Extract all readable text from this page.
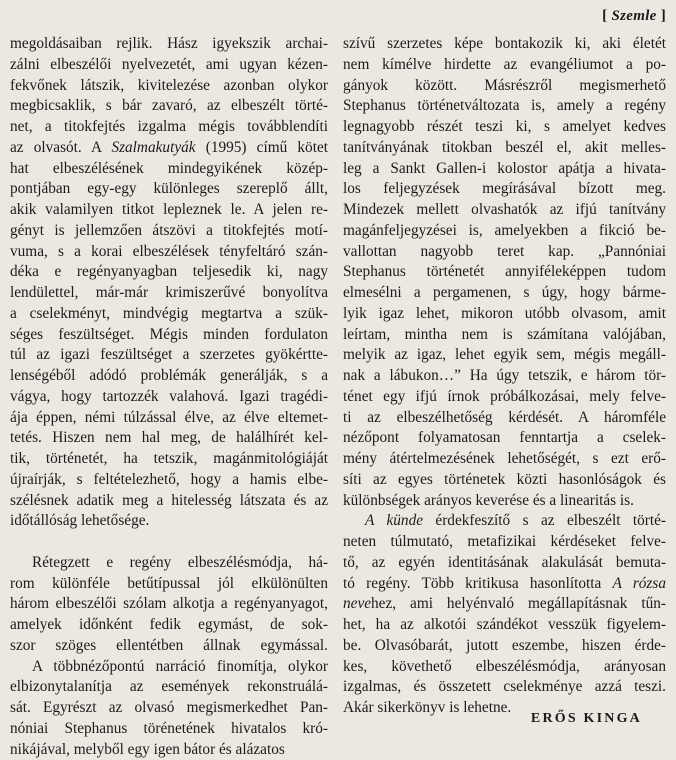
[ Szemle ]
megoldásaiban rejlik. Hász igyekszik archai-
zálni elbeszélői nyelvezetét, ami ugyan kézen-
fekvőnek látszik, kivitelezése azonban olykor
megbicsaklik, s bár zavaró, az elbeszélt törté-
net, a titokfejtés izgalma mégis továbblendíti
az olvasót. A Szalmakutyák (1995) című kötet
hat elbeszélésének mindegyikének közép-
pontjában egy-egy különleges szereplő állt,
akik valamilyen titkot lepleznek le. A jelen re-
gényt is jellemzően átszövi a titokfejtés motí-
vuma, s a korai elbeszélések tényfeltáró szán-
déka e regényanyagban teljesedik ki, nagy
lendülettel, már-már krimiszerűvé bonyolítva
a cselekményt, mindvégig megtartva a szük-
séges feszültséget. Mégis minden fordulaton
túl az igazi feszültséget a szerzetes gyökértte-
lenségéből adódó problémák generálják, s a
vágya, hogy tartozzék valahová. Igazi tragédi-
ája éppen, némi túlzással élve, az élve eltemet-
tetés. Hiszen nem hal meg, de halálhírét kel-
tik, történetét, ha tetszik, magánmitológiáját
újraírják, s feltételezhető, hogy a hamis elbe-
szélésnek adatik meg a hitelesség látszata és az
időtállóság lehetősége.
Rétegzett e regény elbeszélésmódja, há-
rom különféle betűtípussal jól elkülönülten
három elbeszélői szólam alkotja a regényanyagot,
amelyek időnként fedik egymást, de sok-
szor szöges ellentétben állnak egymással.
A többnézőpontú narráció finomítja, olykor
elbizonytalanítja az események rekonstruálá-
sát. Egyrészt az olvasó megismerkedhet Pan-
nóniai Stephanus törénetének hivatalos kró-
nikájával, melyből egy igen bátor és alázatos
szívű szerzetes képe bontakozik ki, aki életét
nem kímélve hirdette az evangéliumot a po-
gányok között. Másrészről megismerhető
Stephanus történetváltozata is, amely a regény
legnagyobb részét teszi ki, s amelyet kedves
tanítványának titokban beszél el, akit melles-
leg a Sankt Gallen-i kolostor apátja a hivata-
los feljegyzések megírásával bízott meg.
Mindezek mellett olvashatók az ifjú tanítvány
magánfeljegyzései is, amelyekben a fikció be-
vallottan nagyobb teret kap. „Pannóniai
Stephanus történetét annyiféleképpen tudom
elmesélni a pergamenen, s úgy, hogy bárme-
lyik igaz lehet, mikoron utóbb olvasom, amit
leírtam, mintha nem is számítana valójában,
melyik az igaz, lehet egyik sem, mégis megáll-
nak a lábukon…” Ha úgy tetszik, e három tör-
ténet egy ifjú írnok próbálkozásai, mely felve-
ti az elbeszélhetőség kérdését. A háromféle
nézőpont folyamatosan fenntartja a cselek-
mény átértelmezésének lehetőségét, s ezt erő-
síti az egyes történetek közti hasonlóságok és
különbségek arányos keverése és a linearitás is.
A künde érdekfeszítő s az elbeszélt törté-
neten túlmutató, metafizikai kérdéseket felve-
tő, az egyén identitásának alakulását bemuta-
tó regény. Több kritikusa hasonlította A rózsa
nevehez, ami helyénvaló megállapításnak tűn-
het, ha az alkotói szándékot vesszük figyelem-
be. Olvasóbarát, jutott eszembe, hiszen érde-
kes, követhető elbeszélésmódja, arányosan
izgalmas, és összetett cselekménye azzá teszi.
Akár sikerkönyv is lehetne.
ERŐS KINGA
